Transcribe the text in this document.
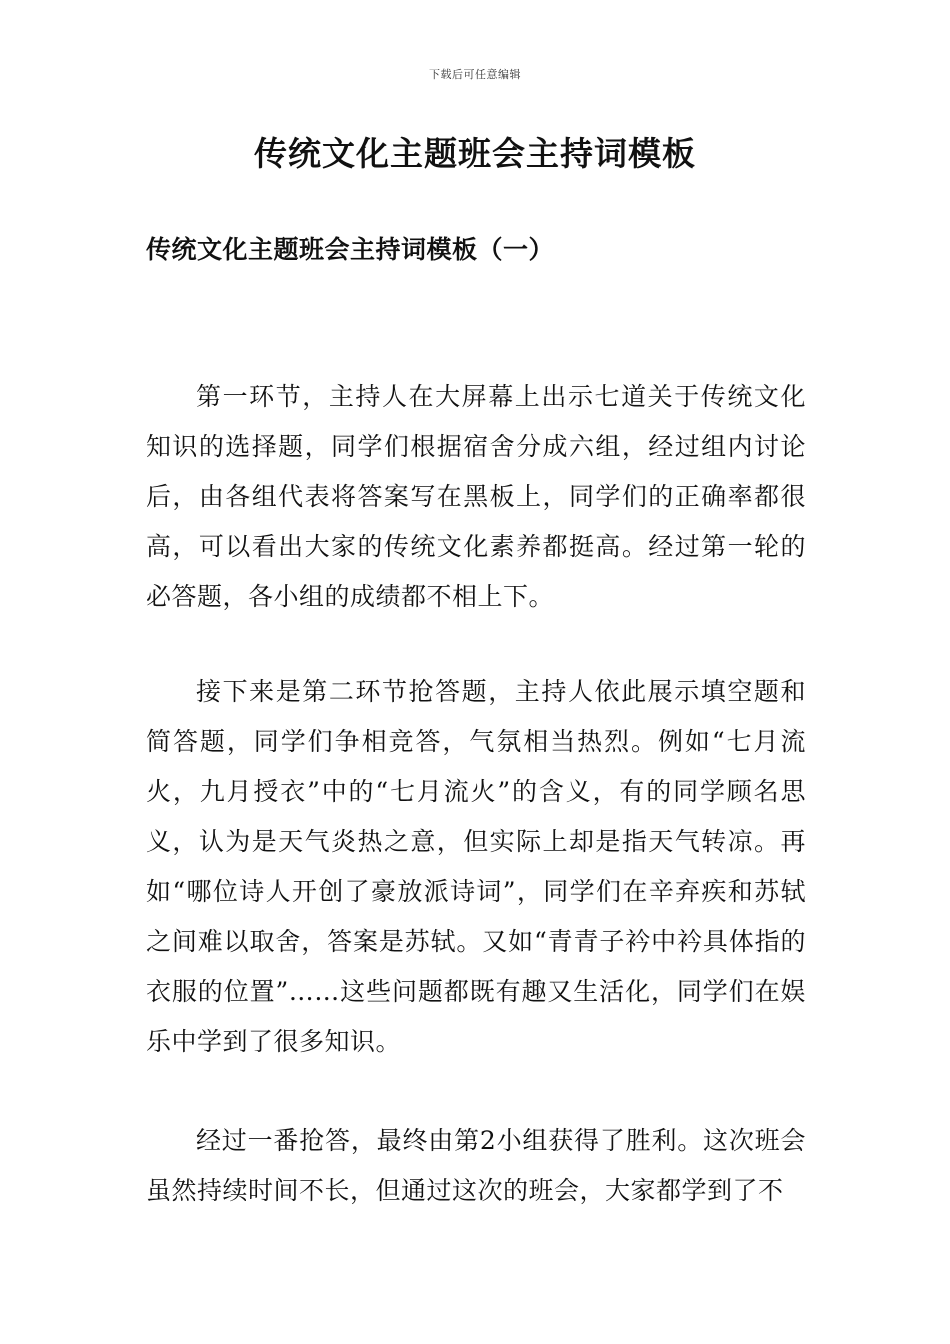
下载后可任意编辑
传统文化主题班会主持词模板
传统文化主题班会主持词模板（一）

第一环节，主持人在大屏幕上出示七道关于传统文化知识的选择题，同学们根据宿舍分成六组，经过组内讨论后，由各组代表将答案写在黑板上，同学们的正确率都很高，可以看出大家的传统文化素养都挺高。经过第一轮的必答题，各小组的成绩都不相上下。

接下来是第二环节抢答题，主持人依此展示填空题和简答题，同学们争相竞答，气氛相当热烈。例如“七月流火，九月授衣”中的“七月流火”的含义，有的同学顾名思义，认为是天气炎热之意，但实际上却是指天气转凉。再如“哪位诗人开创了豪放派诗词”，同学们在辛弃疾和苏轼之间难以取舍，答案是苏轼。又如“青青子衿中衿具体指的衣服的位置”……这些问题都既有趣又生活化，同学们在娱乐中学到了很多知识。

经过一番抢答，最终由第2小组获得了胜利。这次班会虽然持续时间不长，但通过这次的班会，大家都学到了不
